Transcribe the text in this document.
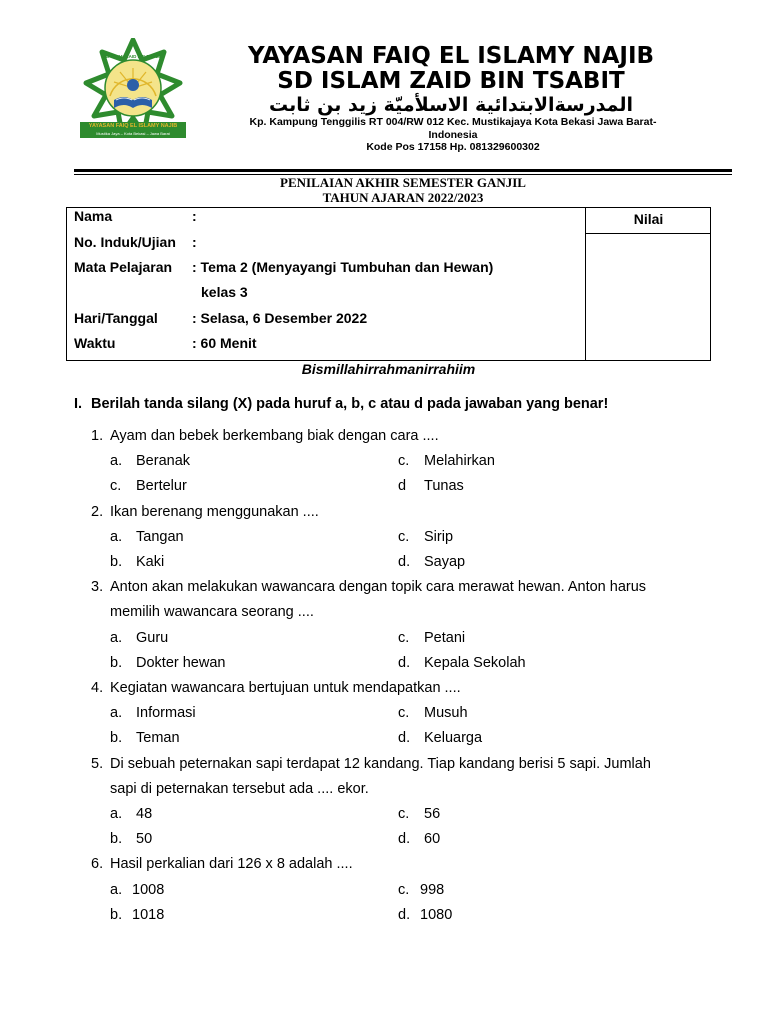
YAYASAN FAIQ EL ISLAMY NAJIB
Mustika Jaya – Kota Bekasi – Jawa Barat
SD ISLAM ZAID BIN TSABIT	YAYASAN FAIQ EL ISLAMY NAJIB
SD ISLAM ZAID BIN TSABIT
المدرسةالابتدائية الاسلأميّة زيد بن ثابت
Kp. Kampung Tenggilis RT 004/RW 012 Kec. Mustikajaya Kota Bekasi Jawa Barat-
Indonesia
Kode Pos 17158 Hp. 081329600302
PENILAIAN AKHIR SEMESTER GANJIL
TAHUN AJARAN 2022/2023
Nilai
Nama	:
No. Induk/Ujian :
Mata Pelajaran : Tema 2 (Menyayangi Tumbuhan dan Hewan)
kelas 3
Hari/Tanggal : Selasa, 6 Desember 2022
Waktu	: 60 Menit
Bismillahirrahmanirrahiim
I. Berilah tanda silang (X) pada huruf a, b, c atau d pada jawaban yang benar!
1. Ayam dan bebek berkembang biak dengan cara ....
a. Beranak	c. Melahirkan
c. Bertelur	d Tunas
2. Ikan berenang menggunakan ....
a. Tangan	c. Sirip
b. Kaki	d. Sayap
3. Anton akan melakukan wawancara dengan topik cara merawat hewan. Anton harus
memilih wawancara seorang ....
a. Guru	c. Petani
b. Dokter hewan	d. Kepala Sekolah
4. Kegiatan wawancara bertujuan untuk mendapatkan ....
a. Informasi	c. Musuh
b. Teman	d. Keluarga
5. Di sebuah peternakan sapi terdapat 12 kandang. Tiap kandang berisi 5 sapi. Jumlah
sapi di peternakan tersebut ada .... ekor.
a. 48	c. 56
b. 50	d. 60
6. Hasil perkalian dari 126 x 8 adalah ....
a. 1008	c. 998
b. 1018	d. 1080
